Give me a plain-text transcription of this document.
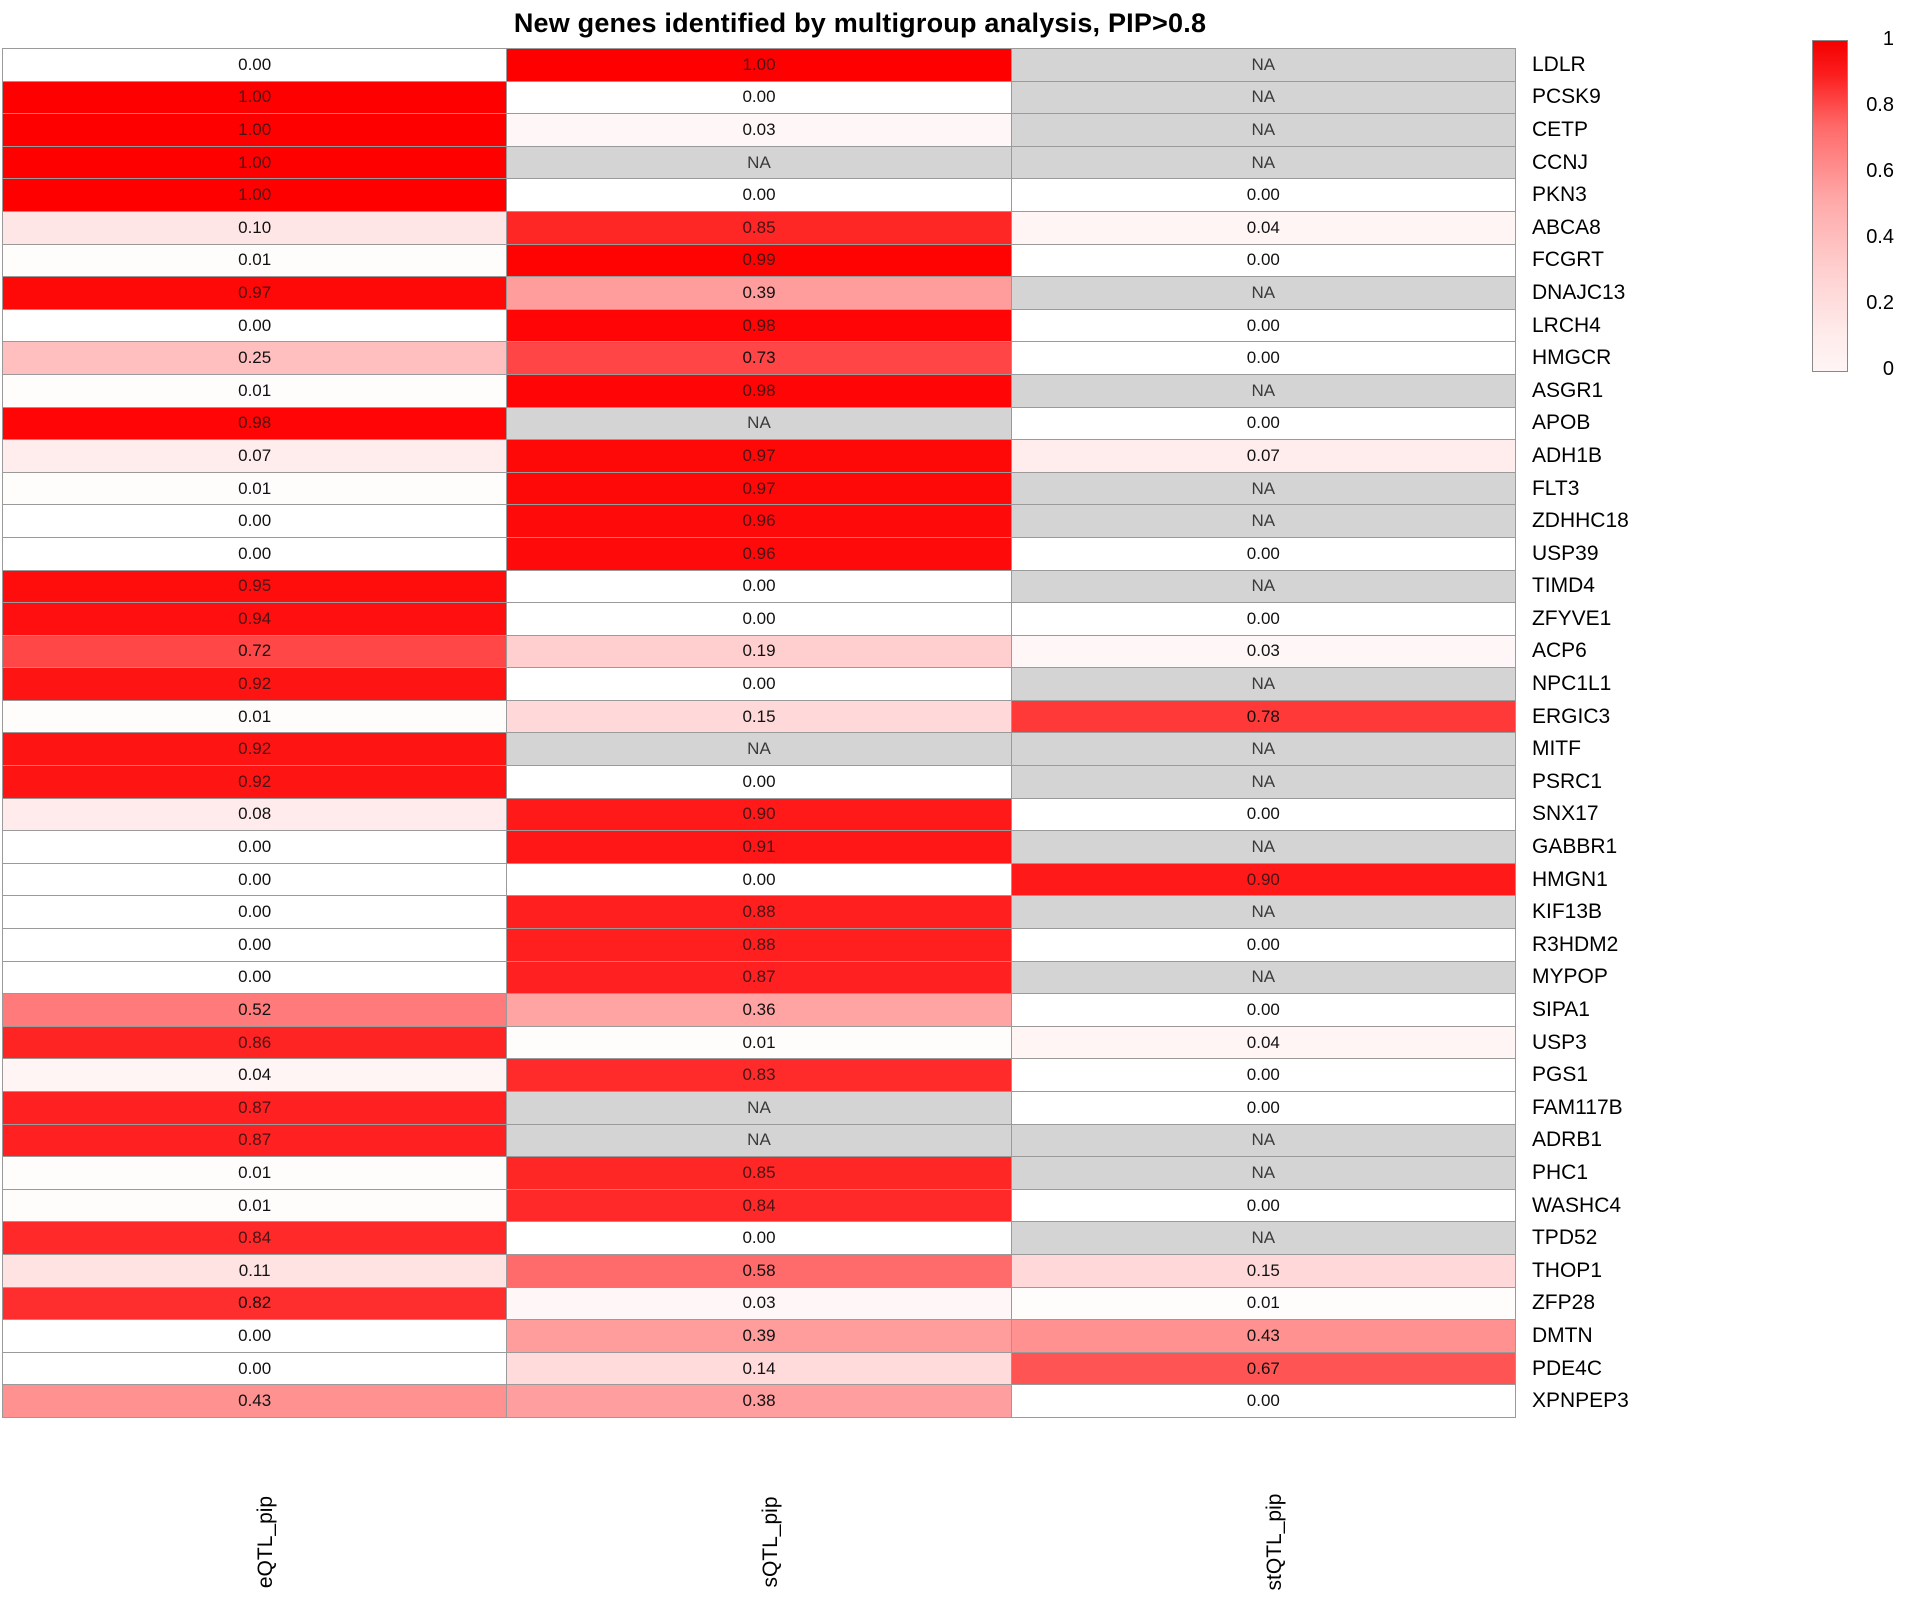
New genes identified by multigroup analysis, PIP>0.8
0.00	1.00	NA	LDLR
1.00	0.00	NA	PCSK9
1.00	0.03	NA	CETP
1.00	NA	NA	CCNJ
1.00	0.00	0.00	PKN3
0.10	0.85	0.04	ABCA8
0.01	0.99	0.00	FCGRT
0.97	0.39	NA	DNAJC13
0.00	0.98	0.00	LRCH4
0.25	0.73	0.00	HMGCR
0.01	0.98	NA	ASGR1
0.98	NA	0.00	APOB
0.07	0.97	0.07	ADH1B
0.01	0.97	NA	FLT3
0.00	0.96	NA	ZDHHC18
0.00	0.96	0.00	USP39
0.95	0.00	NA	TIMD4
0.94	0.00	0.00	ZFYVE1
0.72	0.19	0.03	ACP6
0.92	0.00	NA	NPC1L1
0.01	0.15	0.78	ERGIC3
0.92	NA	NA	MITF
0.92	0.00	NA	PSRC1
0.08	0.90	0.00	SNX17
0.00	0.91	NA	GABBR1
0.00	0.00	0.90	HMGN1
0.00	0.88	NA	KIF13B
0.00	0.88	0.00	R3HDM2
0.00	0.87	NA	MYPOP
0.52	0.36	0.00	SIPA1
0.86	0.01	0.04	USP3
0.04	0.83	0.00	PGS1
0.87	NA	0.00	FAM117B
0.87	NA	NA	ADRB1
0.01	0.85	NA	PHC1
0.01	0.84	0.00	WASHC4
0.84	0.00	NA	TPD52
0.11	0.58	0.15	THOP1
0.82	0.03	0.01	ZFP28
0.00	0.39	0.43	DMTN
0.00	0.14	0.67	PDE4C
0.43	0.38	0.00	XPNPEP3
eQTL_pip	sQTL_pip	stQTL_pip
1
0.8
0.6
0.4
0.2
0
